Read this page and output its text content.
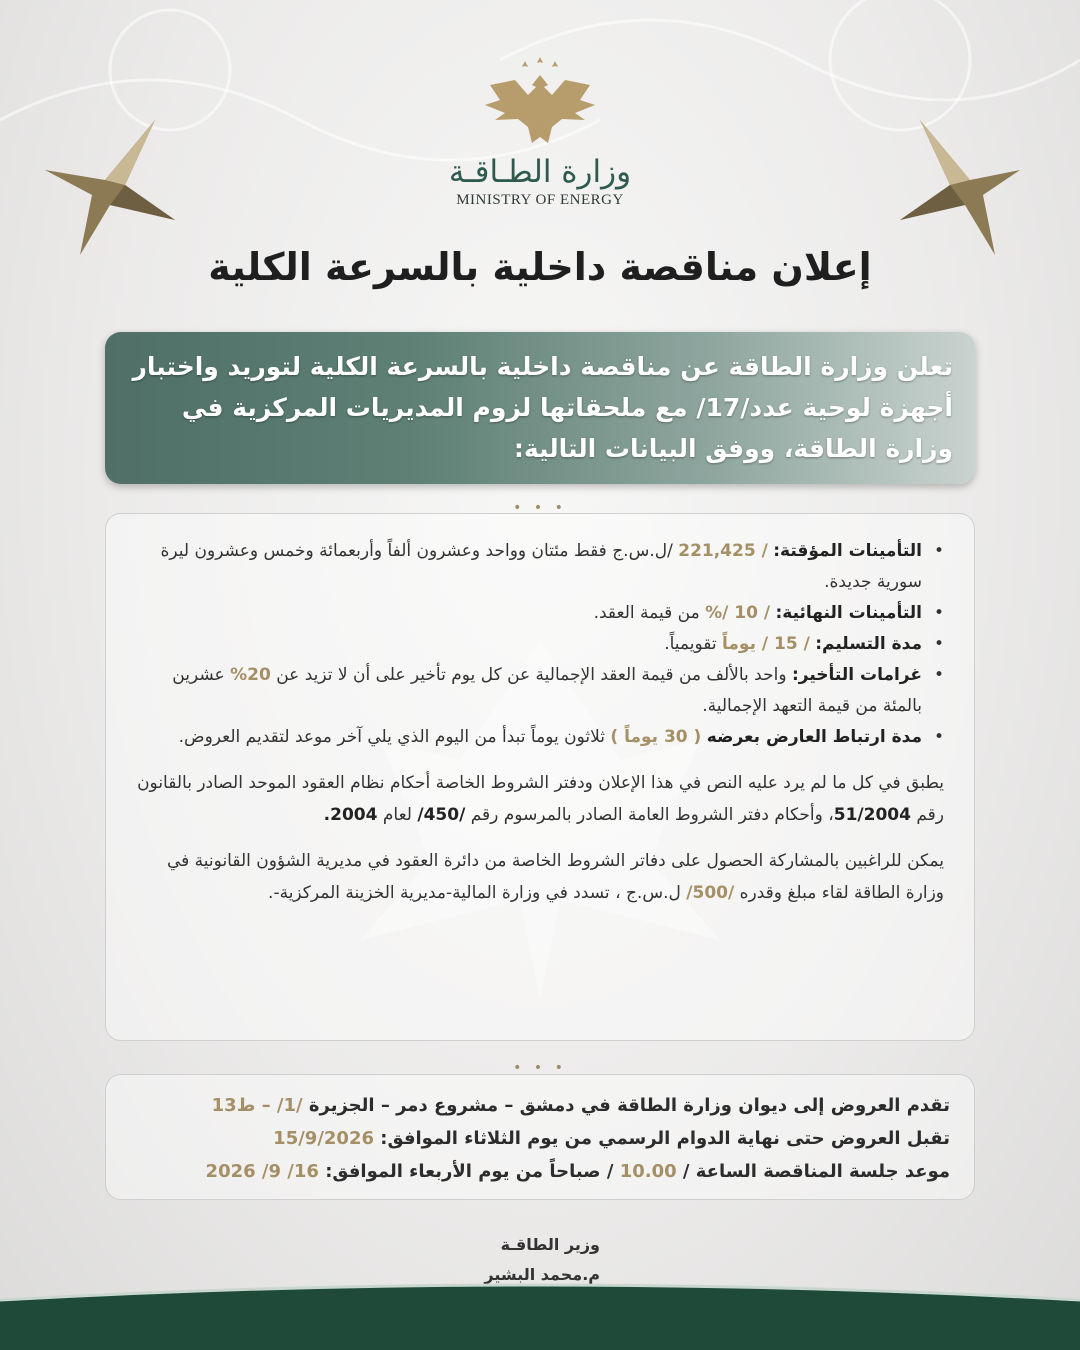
وزارة الطـاقـة
MINISTRY OF ENERGY
إعلان مناقصة داخلية بالسرعة الكلية

تعلن وزارة الطاقة عن مناقصة داخلية بالسرعة الكلية لتوريد واختبار أجهزة لوحية عدد/17/ مع ملحقاتها لزوم المديريات المركزية في وزارة الطاقة، ووفق البيانات التالية:

• • •
• التأمينات المؤقتة: / 221,425 /ل.س.ج فقط مئتان وواحد وعشرون ألفاً وأربعمائة وخمس وعشرون ليرة سورية جديدة.
• التأمينات النهائية: / 10 /% من قيمة العقد.
• مدة التسليم: / 15 / يوماً تقويمياً.
• غرامات التأخير: واحد بالألف من قيمة العقد الإجمالية عن كل يوم تأخير على أن لا تزيد عن 20% عشرين بالمئة من قيمة التعهد الإجمالية.
• مدة ارتباط العارض بعرضه ( 30 يوماً ) ثلاثون يوماً تبدأ من اليوم الذي يلي آخر موعد لتقديم العروض.

يطبق في كل ما لم يرد عليه النص في هذا الإعلان ودفتر الشروط الخاصة أحكام نظام العقود الموحد الصادر بالقانون رقم 51/2004، وأحكام دفتر الشروط العامة الصادر بالمرسوم رقم /450/ لعام 2004.

يمكن للراغبين بالمشاركة الحصول على دفاتر الشروط الخاصة من دائرة العقود في مديرية الشؤون القانونية في وزارة الطاقة لقاء مبلغ وقدره /500/ ل.س.ج ، تسدد في وزارة المالية-مديرية الخزينة المركزية-.

• • •

تقدم العروض إلى ديوان وزارة الطاقة في دمشق – مشروع دمر – الجزيرة /1/ – ط13

تقبل العروض حتى نهاية الدوام الرسمي من يوم الثلاثاء الموافق: 15/9/2026

موعد جلسة المناقصة الساعة / 10.00 / صباحاً من يوم الأربعاء الموافق: 16/ 9/ 2026

وزير الطاقـة
م.محمد البشير
